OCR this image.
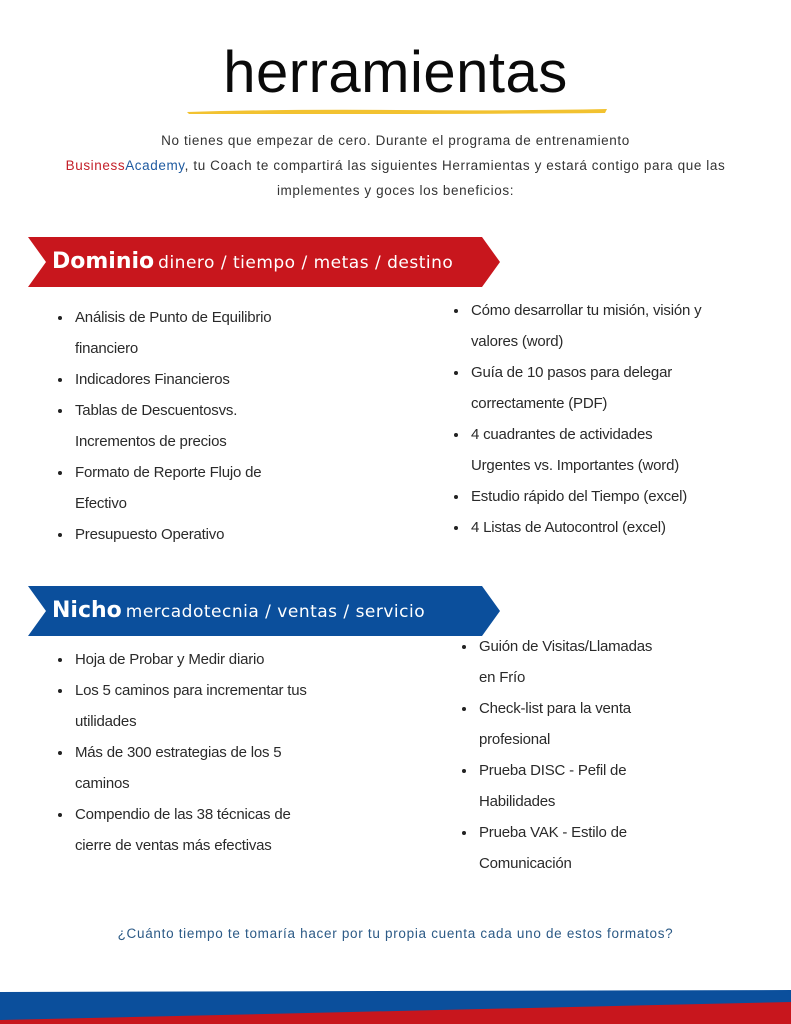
herramientas
No tienes que empezar de cero. Durante el programa de entrenamiento
BusinessAcademy, tu Coach te compartirá las siguientes Herramientas y estará contigo para que las
implementes y goces los beneficios:
Dominio dinero / tiempo / metas / destino
Análisis de Punto de Equilibrio
financiero
Indicadores Financieros
Tablas de Descuentosvs.
Incrementos de precios
Formato de Reporte Flujo de
Efectivo
Presupuesto Operativo
Cómo desarrollar tu misión, visión y
valores (word)
Guía de 10 pasos para delegar
correctamente (PDF)
4 cuadrantes de actividades
Urgentes vs. Importantes (word)
Estudio rápido del Tiempo (excel)
4 Listas de Autocontrol (excel)
Nicho mercadotecnia / ventas / servicio
Hoja de Probar y Medir diario
Los 5 caminos para incrementar tus
utilidades
Más de 300 estrategias de los 5
caminos
Compendio de las 38 técnicas de
cierre de ventas más efectivas
Guión de Visitas/Llamadas
en Frío
Check-list para la venta
profesional
Prueba DISC - Pefil de
Habilidades
Prueba VAK - Estilo de
Comunicación
¿Cuánto tiempo te tomaría hacer por tu propia cuenta cada uno de estos formatos?
